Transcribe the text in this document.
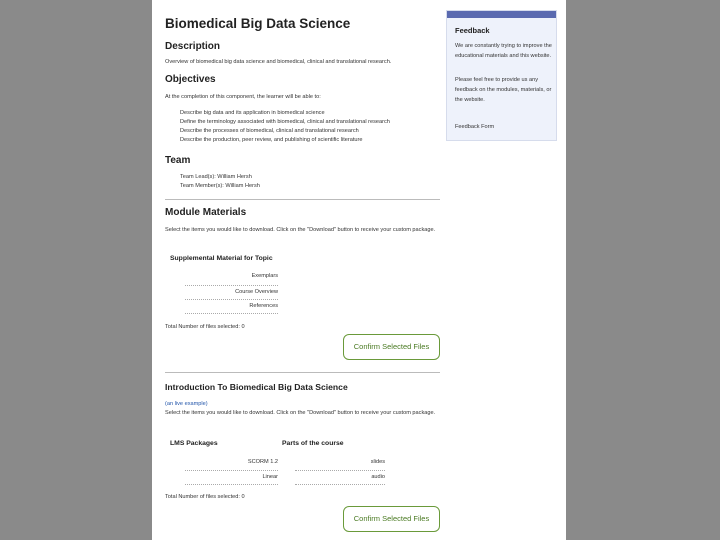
Biomedical Big Data Science
Description
Overview of biomedical big data science and biomedical, clinical and translational research.
Objectives
At the completion of this component, the learner will be able to:
Describe big data and its application in biomedical science
Define the terminology associated with biomedical, clinical and translational research
Describe the processes of biomedical, clinical and translational research
Describe the production, peer review, and publishing of scientific literature
Team
Team Lead(s): William Hersh
Team Member(s): William Hersh
Module Materials
Select the items you would like to download. Click on the "Download" button to receive your custom package.
Supplemental Material for Topic
Exemplars
Course Overview
References
Total Number of files selected: 0
Confirm Selected Files
Introduction To Biomedical Big Data Science
(an live example)
Select the items you would like to download. Click on the "Download" button to receive your custom package.
LMS Packages	Parts of the course
SCORM 1.2	slides
Linear	audio
Total Number of files selected: 0
Confirm Selected Files
Feedback
We are constantly trying to improve the educational materials and this website.
Please feel free to provide us any feedback on the modules, materials, or the website.
Feedback Form
